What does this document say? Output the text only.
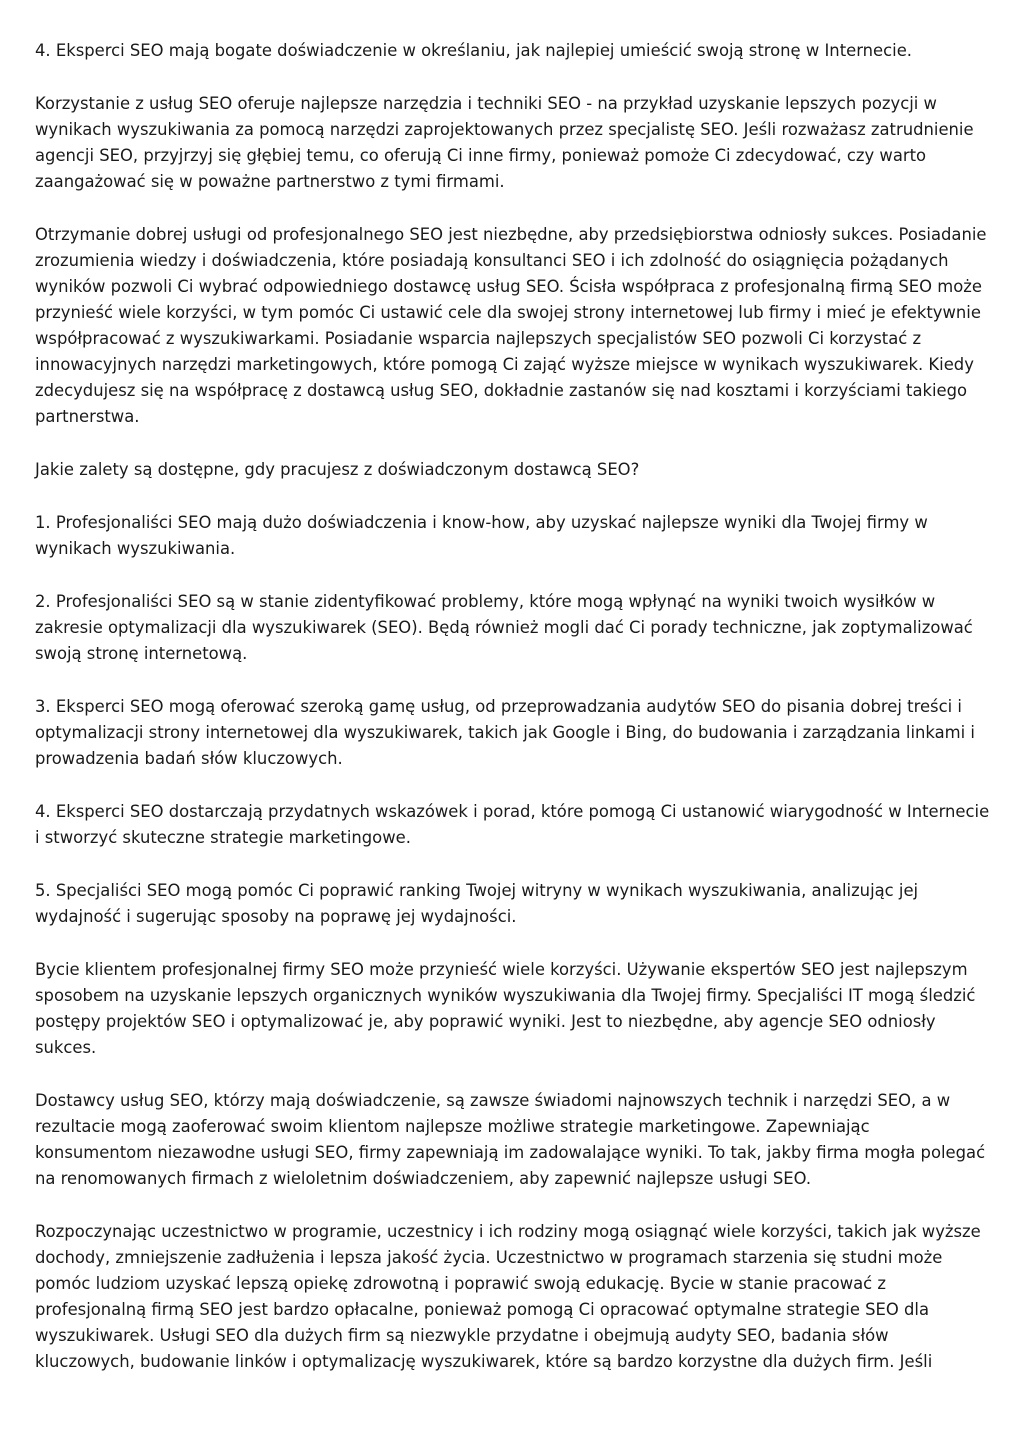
4. Eksperci SEO mają bogate doświadczenie w określaniu, jak najlepiej umieścić swoją stronę w Internecie.

Korzystanie z usług SEO oferuje najlepsze narzędzia i techniki SEO - na przykład uzyskanie lepszych pozycji w wynikach wyszukiwania za pomocą narzędzi zaprojektowanych przez specjalistę SEO. Jeśli rozważasz zatrudnienie agencji SEO, przyjrzyj się głębiej temu, co oferują Ci inne firmy, ponieważ pomoże Ci zdecydować, czy warto zaangażować się w poważne partnerstwo z tymi firmami.

Otrzymanie dobrej usługi od profesjonalnego SEO jest niezbędne, aby przedsiębiorstwa odniosły sukces. Posiadanie zrozumienia wiedzy i doświadczenia, które posiadają konsultanci SEO i ich zdolność do osiągnięcia pożądanych wyników pozwoli Ci wybrać odpowiedniego dostawcę usług SEO. Ścisła współpraca z profesjonalną firmą SEO może przynieść wiele korzyści, w tym pomóc Ci ustawić cele dla swojej strony internetowej lub firmy i mieć je efektywnie współpracować z wyszukiwarkami. Posiadanie wsparcia najlepszych specjalistów SEO pozwoli Ci korzystać z innowacyjnych narzędzi marketingowych, które pomogą Ci zająć wyższe miejsce w wynikach wyszukiwarek. Kiedy zdecydujesz się na współpracę z dostawcą usług SEO, dokładnie zastanów się nad kosztami i korzyściami takiego partnerstwa.

Jakie zalety są dostępne, gdy pracujesz z doświadczonym dostawcą SEO?

1. Profesjonaliści SEO mają dużo doświadczenia i know-how, aby uzyskać najlepsze wyniki dla Twojej firmy w wynikach wyszukiwania.

2. Profesjonaliści SEO są w stanie zidentyfikować problemy, które mogą wpłynąć na wyniki twoich wysiłków w zakresie optymalizacji dla wyszukiwarek (SEO). Będą również mogli dać Ci porady techniczne, jak zoptymalizować swoją stronę internetową.

3. Eksperci SEO mogą oferować szeroką gamę usług, od przeprowadzania audytów SEO do pisania dobrej treści i optymalizacji strony internetowej dla wyszukiwarek, takich jak Google i Bing, do budowania i zarządzania linkami i prowadzenia badań słów kluczowych.

4. Eksperci SEO dostarczają przydatnych wskazówek i porad, które pomogą Ci ustanowić wiarygodność w Internecie i stworzyć skuteczne strategie marketingowe.

5. Specjaliści SEO mogą pomóc Ci poprawić ranking Twojej witryny w wynikach wyszukiwania, analizując jej wydajność i sugerując sposoby na poprawę jej wydajności.

Bycie klientem profesjonalnej firmy SEO może przynieść wiele korzyści. Używanie ekspertów SEO jest najlepszym sposobem na uzyskanie lepszych organicznych wyników wyszukiwania dla Twojej firmy. Specjaliści IT mogą śledzić postępy projektów SEO i optymalizować je, aby poprawić wyniki. Jest to niezbędne, aby agencje SEO odniosły sukces.

Dostawcy usług SEO, którzy mają doświadczenie, są zawsze świadomi najnowszych technik i narzędzi SEO, a w rezultacie mogą zaoferować swoim klientom najlepsze możliwe strategie marketingowe. Zapewniając konsumentom niezawodne usługi SEO, firmy zapewniają im zadowalające wyniki. To tak, jakby firma mogła polegać na renomowanych firmach z wieloletnim doświadczeniem, aby zapewnić najlepsze usługi SEO.

Rozpoczynając uczestnictwo w programie, uczestnicy i ich rodziny mogą osiągnąć wiele korzyści, takich jak wyższe dochody, zmniejszenie zadłużenia i lepsza jakość życia. Uczestnictwo w programach starzenia się studni może pomóc ludziom uzyskać lepszą opiekę zdrowotną i poprawić swoją edukację. Bycie w stanie pracować z profesjonalną firmą SEO jest bardzo opłacalne, ponieważ pomogą Ci opracować optymalne strategie SEO dla wyszukiwarek. Usługi SEO dla dużych firm są niezwykle przydatne i obejmują audyty SEO, badania słów kluczowych, budowanie linków i optymalizację wyszukiwarek, które są bardzo korzystne dla dużych firm. Jeśli
